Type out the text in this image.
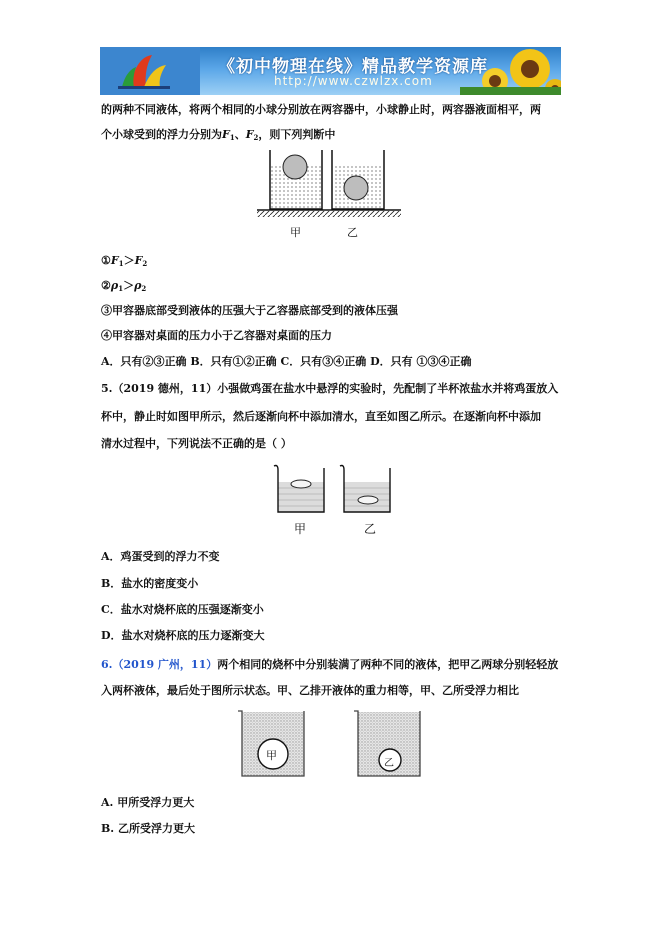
《初中物理在线》精品教学资源库
http://www.czwlzx.com
的两种不同液体，将两个相同的小球分别放在两容器中，小球静止时，两容器液面相平，两
个小球受到的浮力分别为$F_1$、$F_2$，则下列判断中
甲	乙
$①F_1>F_2$
$②\rho_1>\rho_2$
③甲容器底部受到液体的压强大于乙容器底部受到的液体压强
④甲容器对桌面的压力小于乙容器对桌面的压力
A．只有②③正确 B．只有①②正确 C．只有③④正确 D．只有 ①③④正确
5.（2019 德州，11）小强做鸡蛋在盐水中悬浮的实验时，先配制了半杯浓盐水并将鸡蛋放入
杯中，静止时如图甲所示，然后逐渐向杯中添加清水，直至如图乙所示。在逐渐向杯中添加
清水过程中，下列说法不正确的是（ ）
甲	乙
A．鸡蛋受到的浮力不变
B．盐水的密度变小
C．盐水对烧杯底的压强逐渐变小
D．盐水对烧杯底的压力逐渐变大
6.（2019 广州，11）两个相同的烧杯中分别装满了两种不同的液体，把甲乙两球分别轻轻放
入两杯液体，最后处于图所示状态。甲、乙排开液体的重力相等，甲、乙所受浮力相比
甲
乙
A. 甲所受浮力更大
B. 乙所受浮力更大
